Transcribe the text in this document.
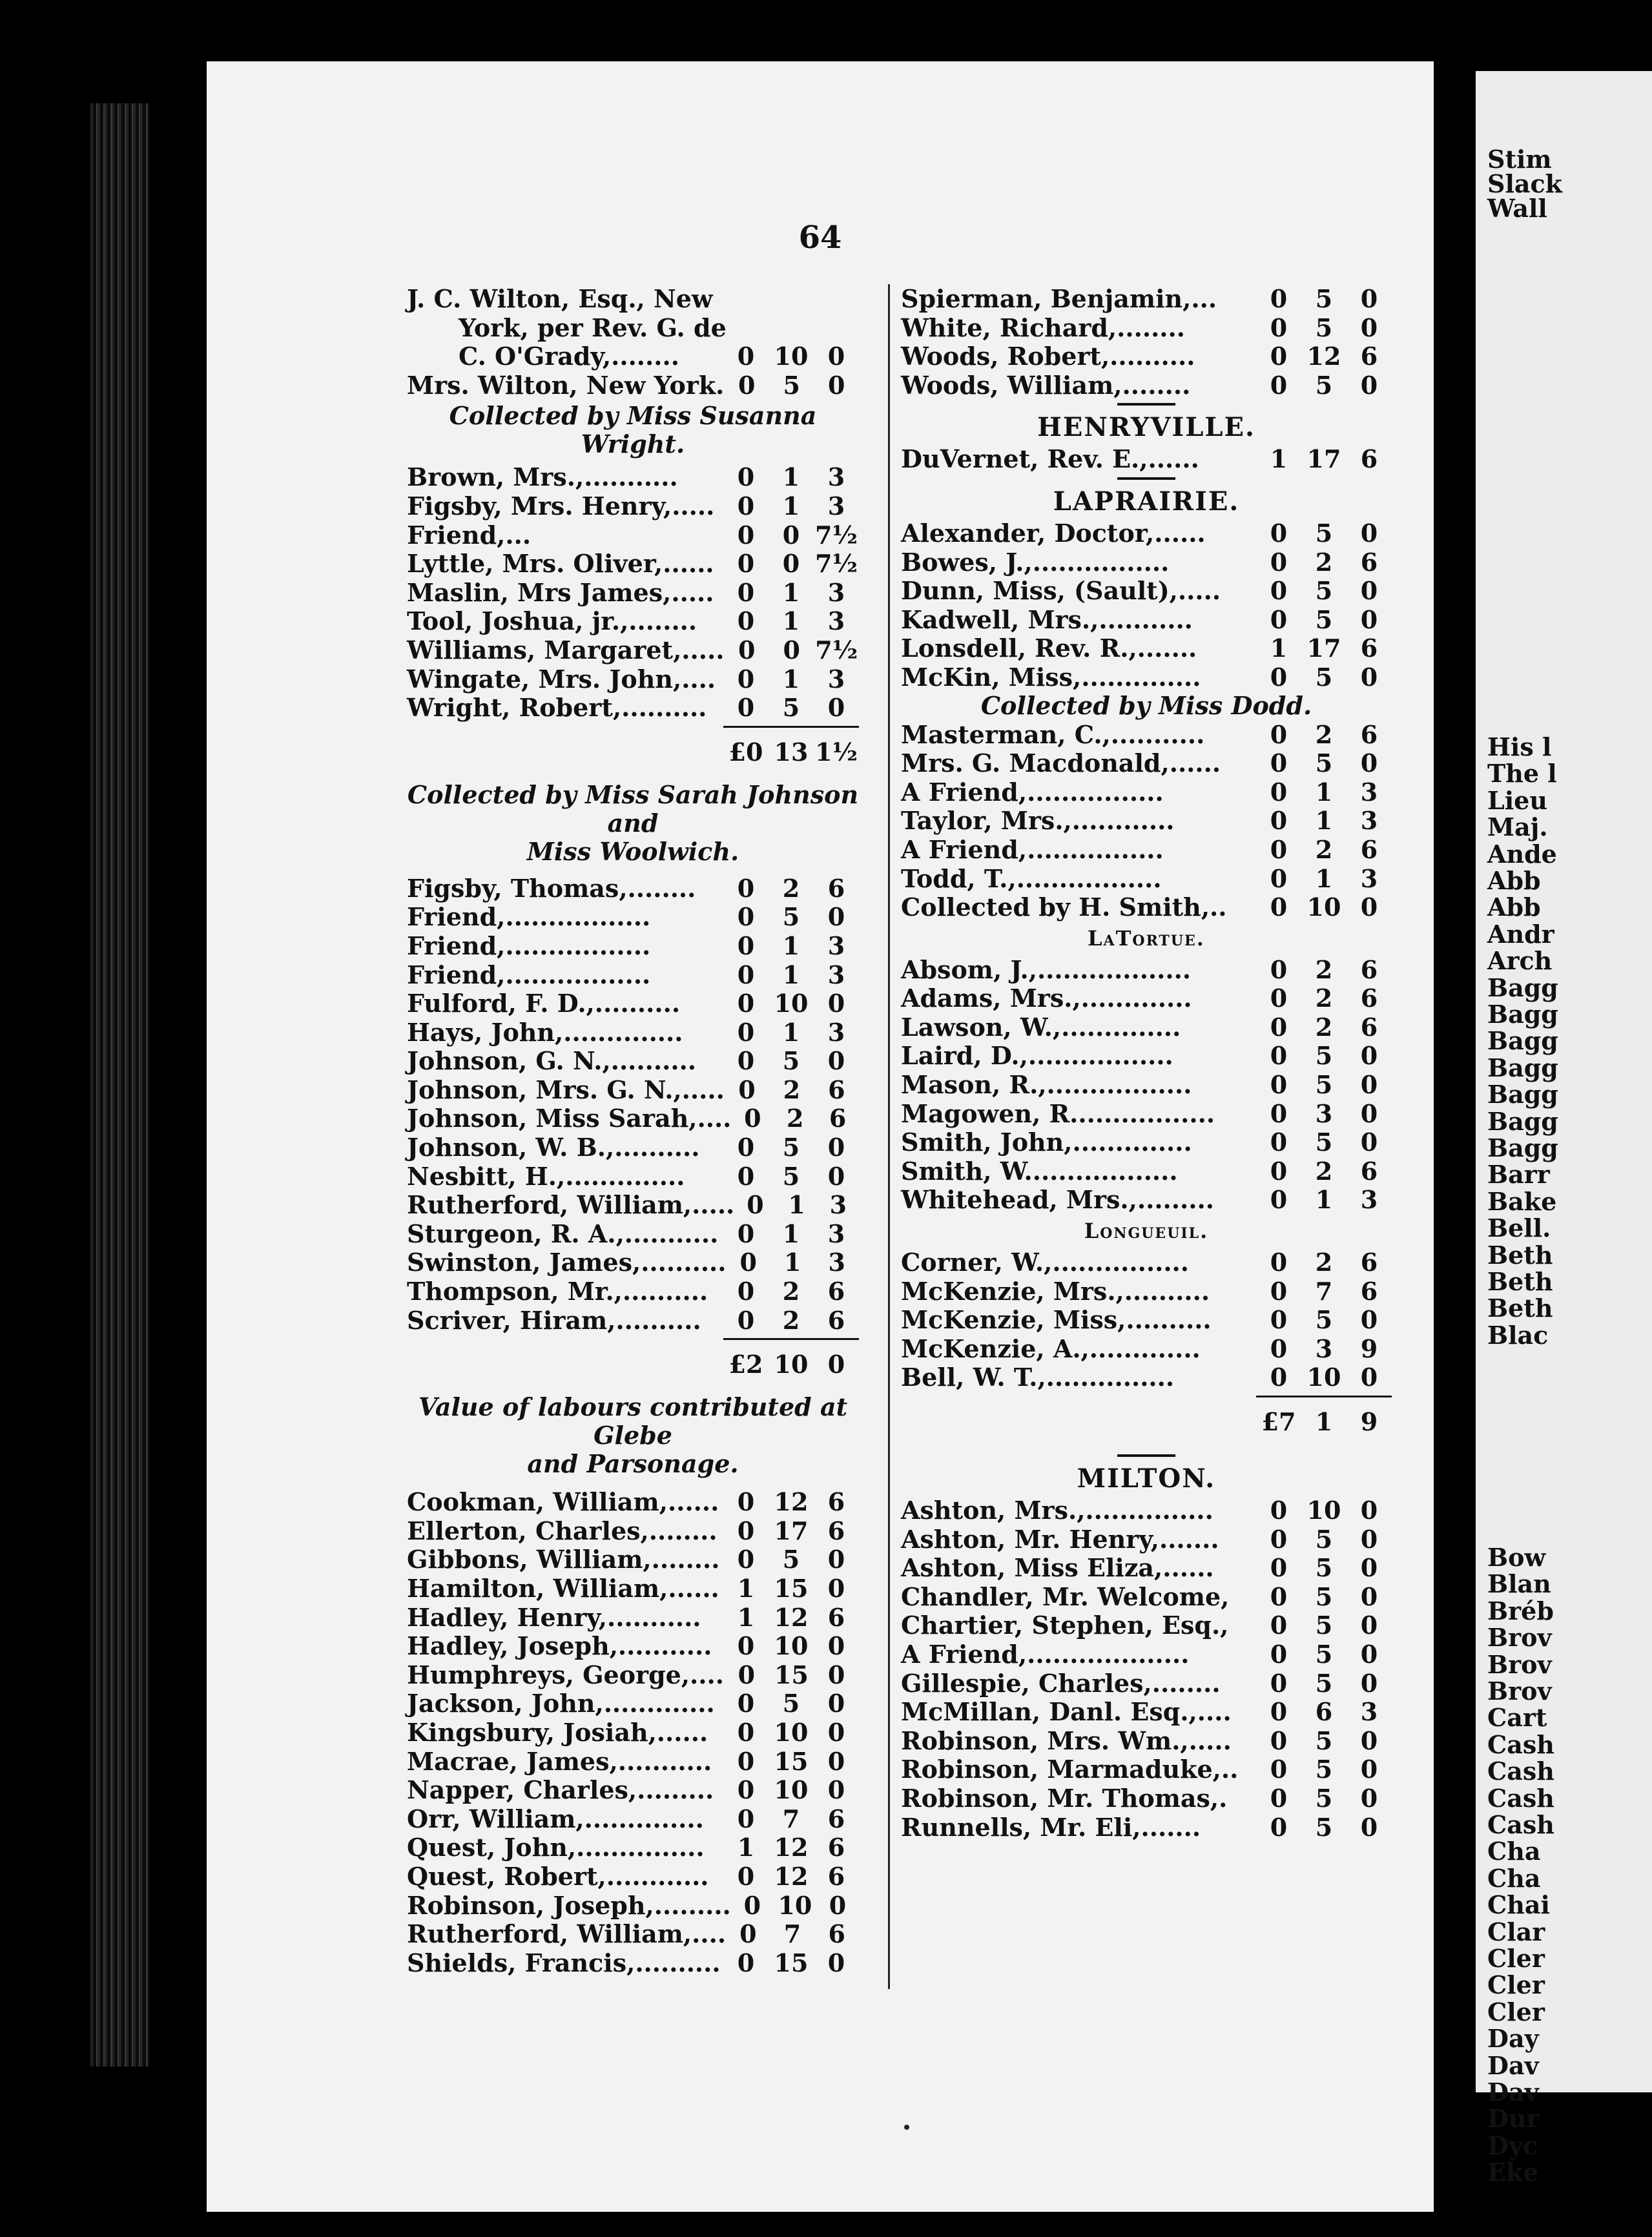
64
J. C. Wilton, Esq., New
York, per Rev. G. de
C. O'Grady,........	0 10 0
Mrs. Wilton, New York. 0	5	0
Collected by Miss Susanna Wright.
Brown, Mrs.,...........	0	1	3
Figsby, Mrs. Henry,..... 0	1	3
Friend,...	0	0 7½
Lyttle, Mrs. Oliver,...... 0	0 7½
Maslin, Mrs James,..... 0	1	3
Tool, Joshua, jr.,........	0	1	3
Williams, Margaret,..... 0	0 7½
Wingate, Mrs. John,.... 0	1	3
Wright, Robert,..........	0	5	0
£0 13 1½
Collected by Miss Sarah Johnson and
Miss Woolwich.
Figsby, Thomas,........	0	2	6
Friend,.................	0	5	0
Friend,.................	0	1	3
Friend,.................	0	1	3
Fulford, F. D.,..........	0 10 0
Hays, John,..............	0	1	3
Johnson, G. N.,..........	0	5	0
Johnson, Mrs. G. N.,..... 0	2	6
Johnson, Miss Sarah,.... 0	2	6
Johnson, W. B.,..........	0	5	0
Nesbitt, H.,..............	0	5	0
Rutherford, William,..... 0 1 3
Sturgeon, R. A.,........... 0	1	3
Swinston, James,.......... 0	1	3
Thompson, Mr.,..........	0	2	6
Scriver, Hiram,..........	0	2	6
£2 10 0
Value of labours contributed at Glebe
and Parsonage.
Cookman, William,...... 0 12 6
Ellerton, Charles,........ 0 17 6
Gibbons, William,........ 0	5	0
Hamilton, William,...... 1 15 0
Hadley, Henry,...........	1 12 6
Hadley, Joseph,...........	0 10 0
Humphreys, George,.... 0 15 0
Jackson, John,............. 0	5	0
Kingsbury, Josiah,......	0 10 0
Macrae, James,...........	0 15 0
Napper, Charles,......... 0 10 0
Orr, William,..............	0	7	6
Quest, John,...............	1 12 6
Quest, Robert,............	0 12 6
Robinson, Joseph,......... 0 10 0
Rutherford, William,.... 0	7	6
Shields, Francis,.......... 0 15 0
Spierman, Benjamin,...	0	5	0
White, Richard,........	0	5	0
Woods, Robert,..........	0 12 6
Woods, William,........	0	5	0
HENRYVILLE.
DuVernet, Rev. E.,......	1 17 6
LAPRAIRIE.
Alexander, Doctor,......	0	5	0
Bowes, J.,................	0	2	6
Dunn, Miss, (Sault),.....	0	5	0
Kadwell, Mrs.,...........	0	5	0
Lonsdell, Rev. R.,.......	1 17 6
McKin, Miss,..............	0	5	0
Collected by Miss Dodd.
Masterman, C.,...........	0	2	6
Mrs. G. Macdonald,......	0	5	0
A Friend,................	0	1	3
Taylor, Mrs.,............	0	1	3
A Friend,................	0	2	6
Todd, T.,.................	0	1	3
Collected by H. Smith,..	0 10 0
LaTortue.
Absom, J.,..................	0	2	6
Adams, Mrs.,.............	0	2	6
Lawson, W.,..............	0	2	6
Laird, D.,.................	0	5	0
Mason, R.,.................	0	5	0
Magowen, R.................	0	3	0
Smith, John,..............	0	5	0
Smith, W..................	0	2	6
Whitehead, Mrs.,.........	0	1	3
Longueuil.
Corner, W.,................	0	2	6
McKenzie, Mrs.,..........	0	7	6
McKenzie, Miss,..........	0	5	0
McKenzie, A.,.............	0	3	9
Bell, W. T.,...............	0 10 0
£7 1	9
MILTON.
Ashton, Mrs.,...............	0 10 0
Ashton, Mr. Henry,.......	0	5	0
Ashton, Miss Eliza,......	0	5	0
Chandler, Mr. Welcome,	0	5	0
Chartier, Stephen, Esq.,	0	5	0
A Friend,...................	0	5	0
Gillespie, Charles,........	0	5	0
McMillan, Danl. Esq.,....	0	6	3
Robinson, Mrs. Wm.,.....	0	5	0
Robinson, Marmaduke,..	0	5	0
Robinson, Mr. Thomas,.	0	5	0
Runnells, Mr. Eli,.......	0	5	0
Stim
Slack
Wall
His l
The l
Lieu
Maj.
Ande
Abb
Abb
Andr
Arch
Bagg
Bagg
Bagg
Bagg
Bagg
Bagg
Bagg
Barr
Bake
Bell.
Beth
Beth
Beth
Blac
Bow
Blan
Bréb
Brov
Brov
Brov
Cart
Cash
Cash
Cash
Cash
Cha
Cha
Chai
Clar
Cler
Cler
Cler
Day
Dav
Dav
Dur
Dyc
Eke
